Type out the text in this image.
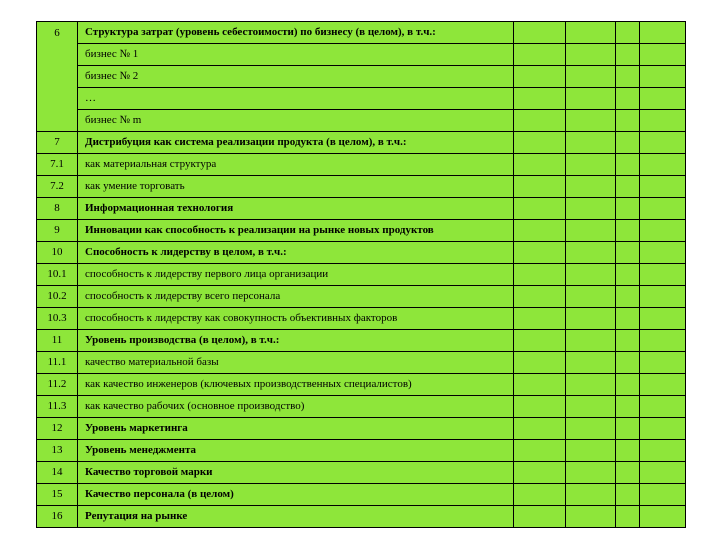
6	Структура затрат (уровень себестоимости) по бизнесу (в целом), в т.ч.:				
	бизнес № 1				
	бизнес № 2				
	…				
	бизнес № m				
7	Дистрибуция как система реализации продукта (в целом), в т.ч.:				
7.1	как материальная структура				
7.2	как умение торговать				
8	Информационная технология				
9	Инновации как способность к реализации на рынке новых продуктов				
10	Способность к лидерству в целом, в т.ч.:				
10.1	способность к лидерству первого лица организации				
10.2	способность к лидерству всего персонала				
10.3	способность к лидерству как совокупность объективных факторов				
11	Уровень производства (в целом), в т.ч.:				
11.1	качество материальной базы				
11.2	как качество инженеров (ключевых производственных специалистов)				
11.3	как качество рабочих (основное производство)				
12	Уровень маркетинга				
13	Уровень менеджмента				
14	Качество торговой марки				
15	Качество персонала (в целом)				
16	Репутация на рынке				
